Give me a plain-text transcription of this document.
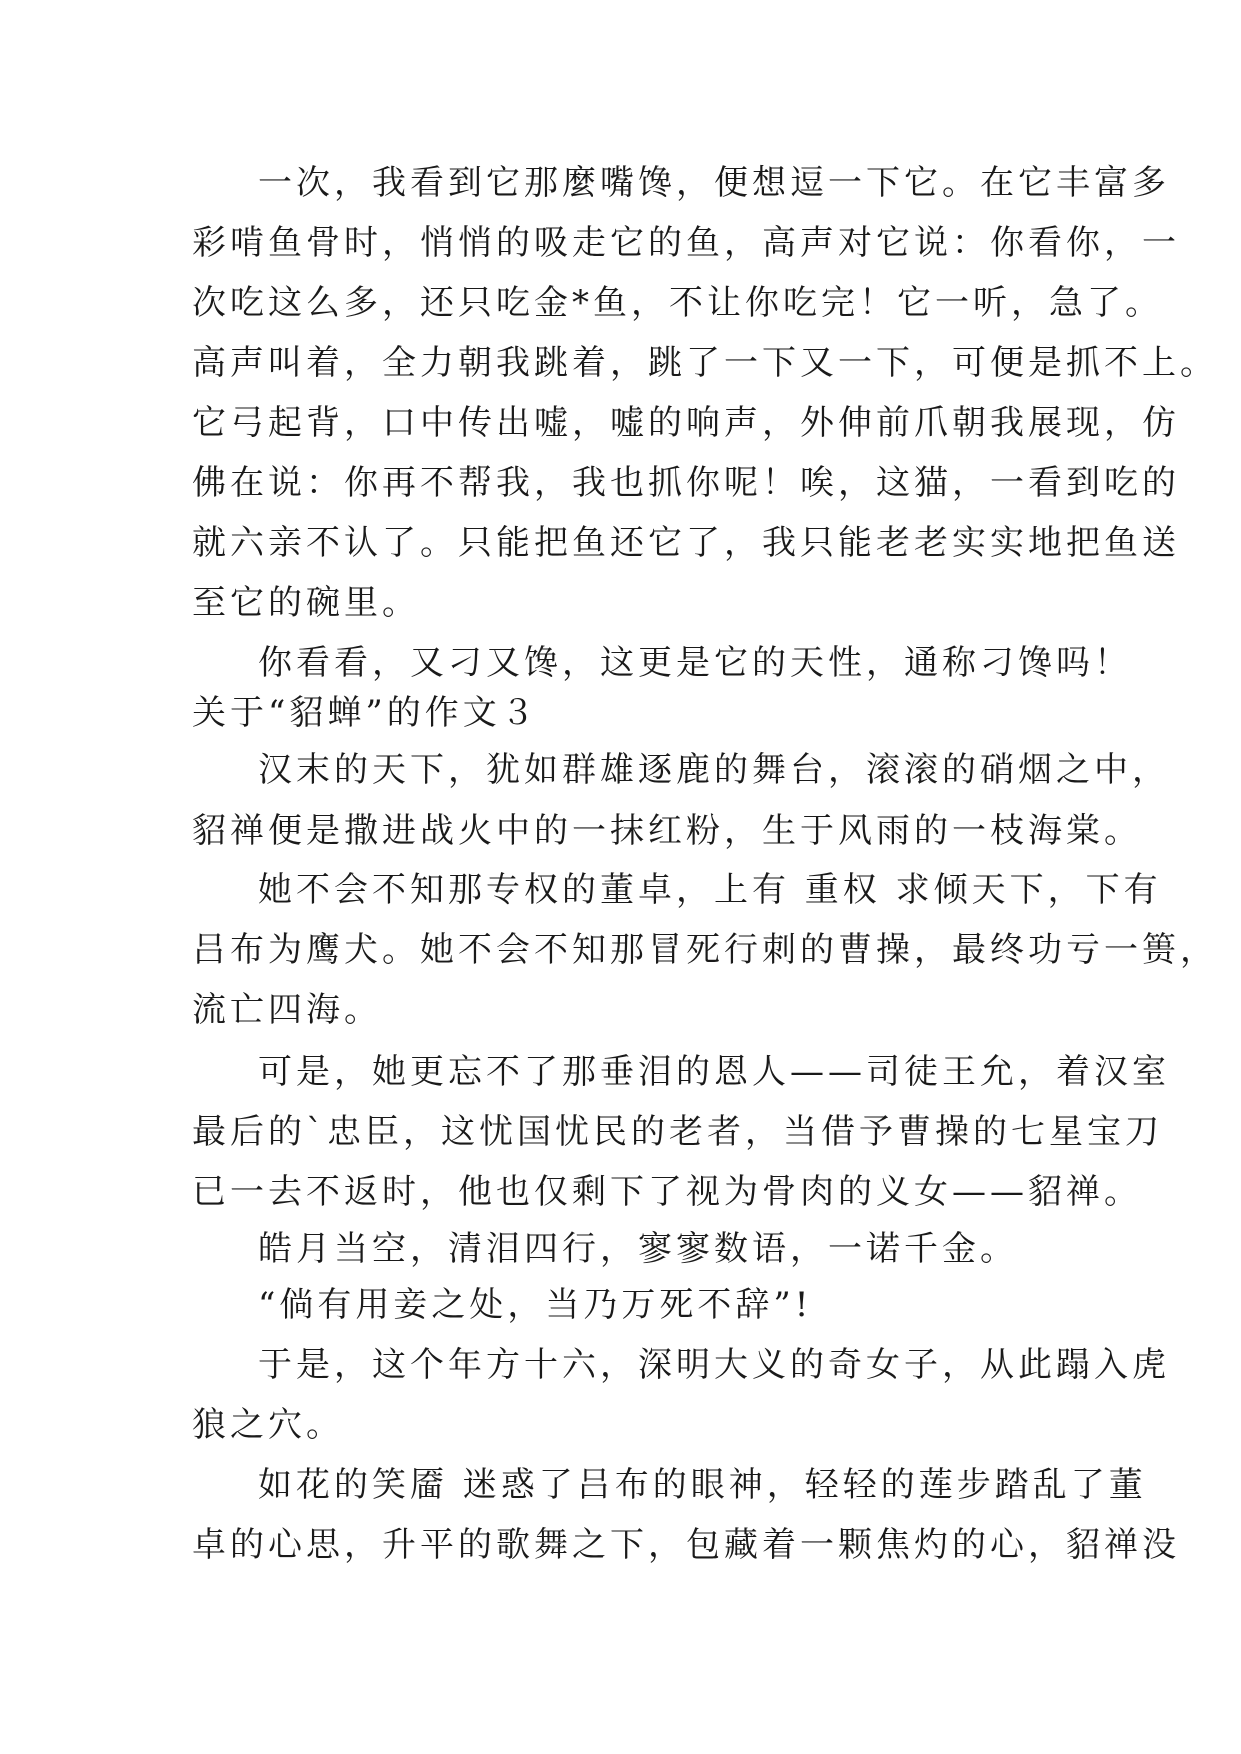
一次，我看到它那麼嘴馋，便想逗一下它。在它丰富多
彩啃鱼骨时，悄悄的吸走它的鱼，高声对它说：你看你，一
次吃这么多，还只吃金*鱼，不让你吃完！它一听，急了。
高声叫着，全力朝我跳着，跳了一下又一下，可便是抓不上。
它弓起背，口中传出嘘，嘘的响声，外伸前爪朝我展现，仿
佛在说：你再不帮我，我也抓你呢！唉，这猫，一看到吃的
就六亲不认了。只能把鱼还它了，我只能老老实实地把鱼送
至它的碗里。
你看看，又刁又馋，这更是它的天性，通称刁馋吗！
关于“貂蝉”的作文３
汉末的天下，犹如群雄逐鹿的舞台，滚滚的硝烟之中，
貂禅便是撒进战火中的一抹红粉，生于风雨的一枝海棠。
她不会不知那专权的董卓，上有 重权 求倾天下，下有
吕布为鹰犬。她不会不知那冒死行刺的曹操，最终功亏一篑，
流亡四海。
可是，她更忘不了那垂泪的恩人——司徒王允，着汉室
最后的`忠臣，这忧国忧民的老者，当借予曹操的七星宝刀
已一去不返时，他也仅剩下了视为骨肉的义女——貂禅。
皓月当空，清泪四行，寥寥数语，一诺千金。
“倘有用妾之处，当乃万死不辞”!
于是，这个年方十六，深明大义的奇女子，从此蹋入虎
狼之穴。
如花的笑靥 迷惑了吕布的眼神，轻轻的莲步踏乱了董
卓的心思，升平的歌舞之下，包藏着一颗焦灼的心，貂禅没
